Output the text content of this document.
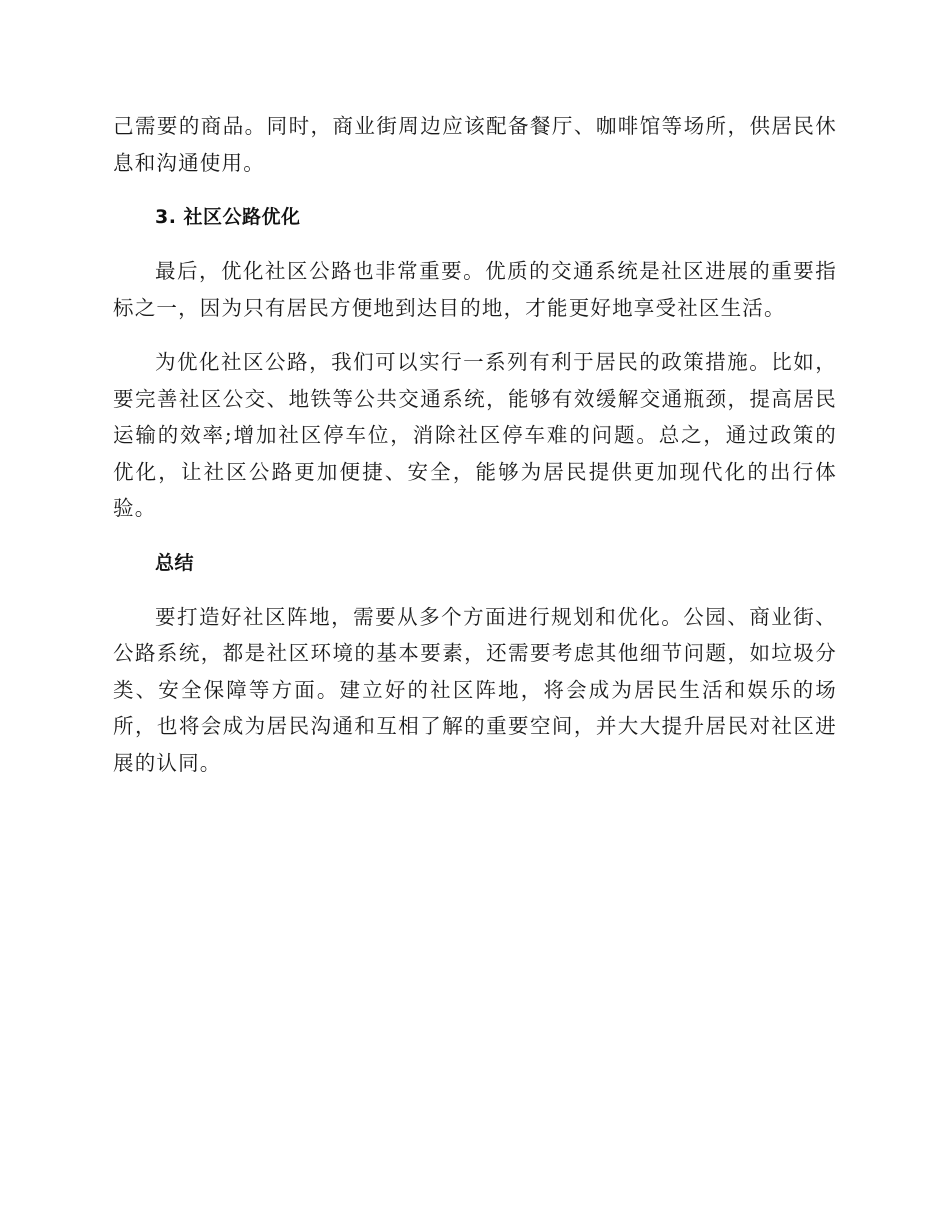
己需要的商品。同时，商业街周边应该配备餐厅、咖啡馆等场所，供居民休息和沟通使用。

3. 社区公路优化

最后，优化社区公路也非常重要。优质的交通系统是社区进展的重要指标之一，因为只有居民方便地到达目的地，才能更好地享受社区生活。

为优化社区公路，我们可以实行一系列有利于居民的政策措施。比如，要完善社区公交、地铁等公共交通系统，能够有效缓解交通瓶颈，提高居民运输的效率;增加社区停车位，消除社区停车难的问题。总之，通过政策的优化，让社区公路更加便捷、安全，能够为居民提供更加现代化的出行体验。

总结

要打造好社区阵地，需要从多个方面进行规划和优化。公园、商业街、公路系统，都是社区环境的基本要素，还需要考虑其他细节问题，如垃圾分类、安全保障等方面。建立好的社区阵地，将会成为居民生活和娱乐的场所，也将会成为居民沟通和互相了解的重要空间，并大大提升居民对社区进展的认同。
